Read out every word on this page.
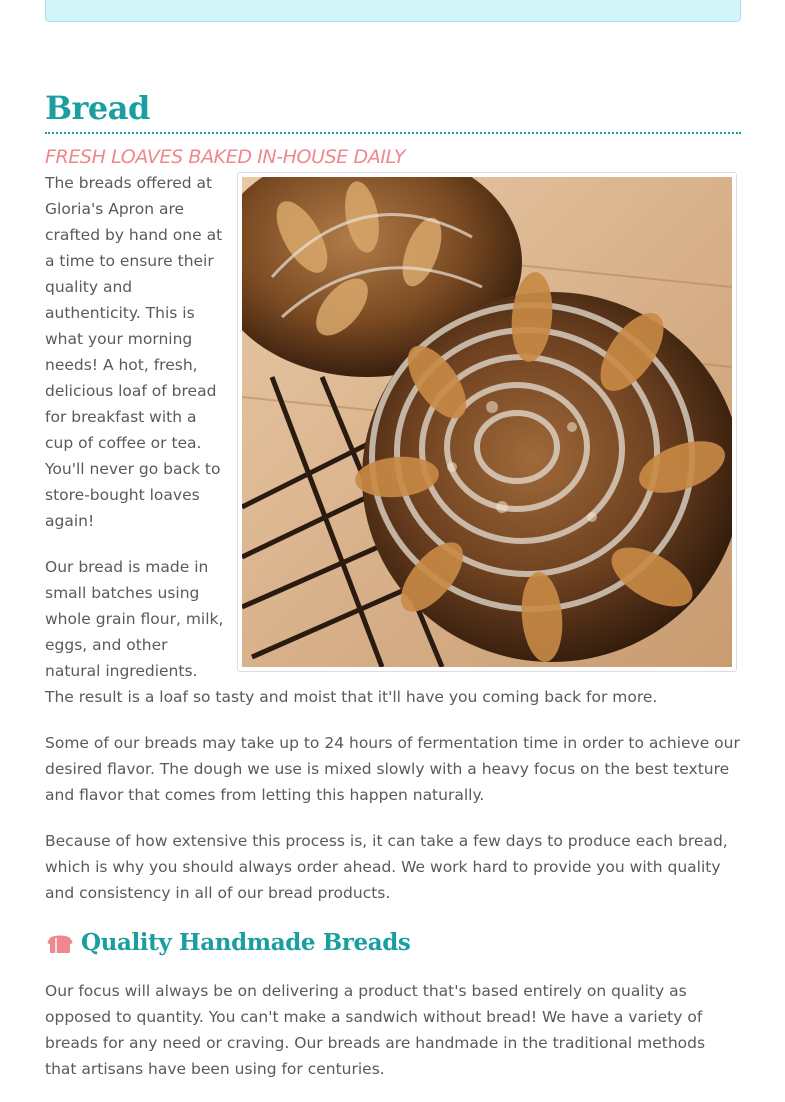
Bread
FRESH LOAVES BAKED IN-HOUSE DAILY

The breads offered at Gloria's Apron are crafted by hand one at a time to ensure their quality and authenticity. This is what your morning needs! A hot, fresh, delicious loaf of bread for breakfast with a cup of coffee or tea. You'll never go back to store-bought loaves again!

Our bread is made in small batches using whole grain flour, milk, eggs, and other natural ingredients. The result is a loaf so tasty and moist that it'll have you coming back for more.

Some of our breads may take up to 24 hours of fermentation time in order to achieve our desired flavor. The dough we use is mixed slowly with a heavy focus on the best texture and flavor that comes from letting this happen naturally.

Because of how extensive this process is, it can take a few days to produce each bread, which is why you should always order ahead. We work hard to provide you with quality and consistency in all of our bread products.

Quality Handmade Breads

Our focus will always be on delivering a product that's based entirely on quality as opposed to quantity. You can't make a sandwich without bread! We have a variety of breads for any need or craving. Our breads are handmade in the traditional methods that artisans have been using for centuries.
